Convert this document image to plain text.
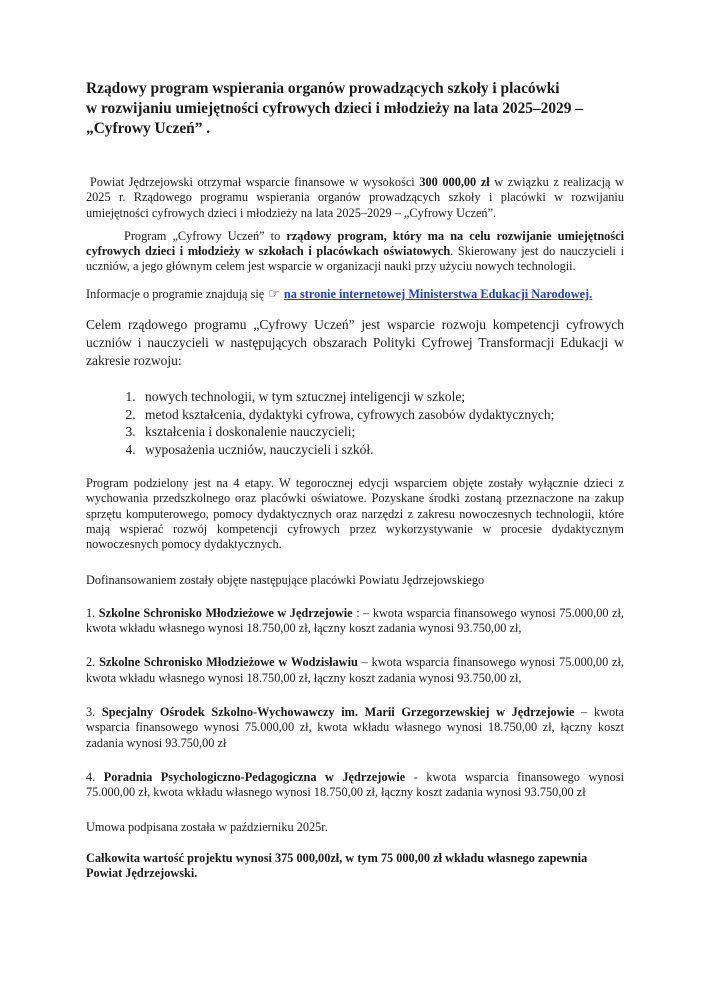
Rządowy program wspierania organów prowadzących szkoły i placówki
w rozwijaniu umiejętności cyfrowych dzieci i młodzieży na lata 2025–2029 –
„Cyfrowy Uczeń” .

Powiat Jędrzejowski otrzymał wsparcie finansowe w wysokości 300 000,00 zł w związku z realizacją w 2025 r. Rządowego programu wspierania organów prowadzących szkoły i placówki w rozwijaniu umiejętności cyfrowych dzieci i młodzieży na lata 2025–2029 – „Cyfrowy Uczeń”.

Program „Cyfrowy Uczeń” to rządowy program, który ma na celu rozwijanie umiejętności cyfrowych dzieci i młodzieży w szkołach i placówkach oświatowych. Skierowany jest do nauczycieli i uczniów, a jego głównym celem jest wsparcie w organizacji nauki przy użyciu nowych technologii.

Informacje o programie znajdują się ☞ na stronie internetowej Ministerstwa Edukacji Narodowej.

Celem rządowego programu „Cyfrowy Uczeń” jest wsparcie rozwoju kompetencji cyfrowych uczniów i nauczycieli w następujących obszarach Polityki Cyfrowej Transformacji Edukacji w zakresie rozwoju:

1. nowych technologii, w tym sztucznej inteligencji w szkole;
2. metod kształcenia, dydaktyki cyfrowa, cyfrowych zasobów dydaktycznych;
3. kształcenia i doskonalenie nauczycieli;
4. wyposażenia uczniów, nauczycieli i szkół.

Program podzielony jest na 4 etapy. W tegorocznej edycji wsparciem objęte zostały wyłącznie dzieci z wychowania przedszkolnego oraz placówki oświatowe. Pozyskane środki zostaną przeznaczone na zakup sprzętu komputerowego, pomocy dydaktycznych oraz narzędzi z zakresu nowoczesnych technologii, które mają wspierać rozwój kompetencji cyfrowych przez wykorzystywanie w procesie dydaktycznym nowoczesnych pomocy dydaktycznych.

Dofinansowaniem zostały objęte następujące placówki Powiatu Jędrzejowskiego

1. Szkolne Schronisko Młodzieżowe w Jędrzejowie : – kwota wsparcia finansowego wynosi 75.000,00 zł, kwota wkładu własnego wynosi 18.750,00 zł, łączny koszt zadania wynosi 93.750,00 zł,

2. Szkolne Schronisko Młodzieżowe w Wodzisławiu – kwota wsparcia finansowego wynosi 75.000,00 zł, kwota wkładu własnego wynosi 18.750,00 zł, łączny koszt zadania wynosi 93.750,00 zł,

3. Specjalny Ośrodek Szkolno-Wychowawczy im. Marii Grzegorzewskiej w Jędrzejowie – kwota wsparcia finansowego wynosi 75.000,00 zł, kwota wkładu własnego wynosi 18.750,00 zł, łączny koszt zadania wynosi 93.750,00 zł

4. Poradnia Psychologiczno-Pedagogiczna w Jędrzejowie - kwota wsparcia finansowego wynosi 75.000,00 zł, kwota wkładu własnego wynosi 18.750,00 zł, łączny koszt zadania wynosi 93.750,00 zł

Umowa podpisana została w październiku 2025r.

Całkowita wartość projektu wynosi 375 000,00zł, w tym 75 000,00 zł wkładu własnego zapewnia Powiat Jędrzejowski.
